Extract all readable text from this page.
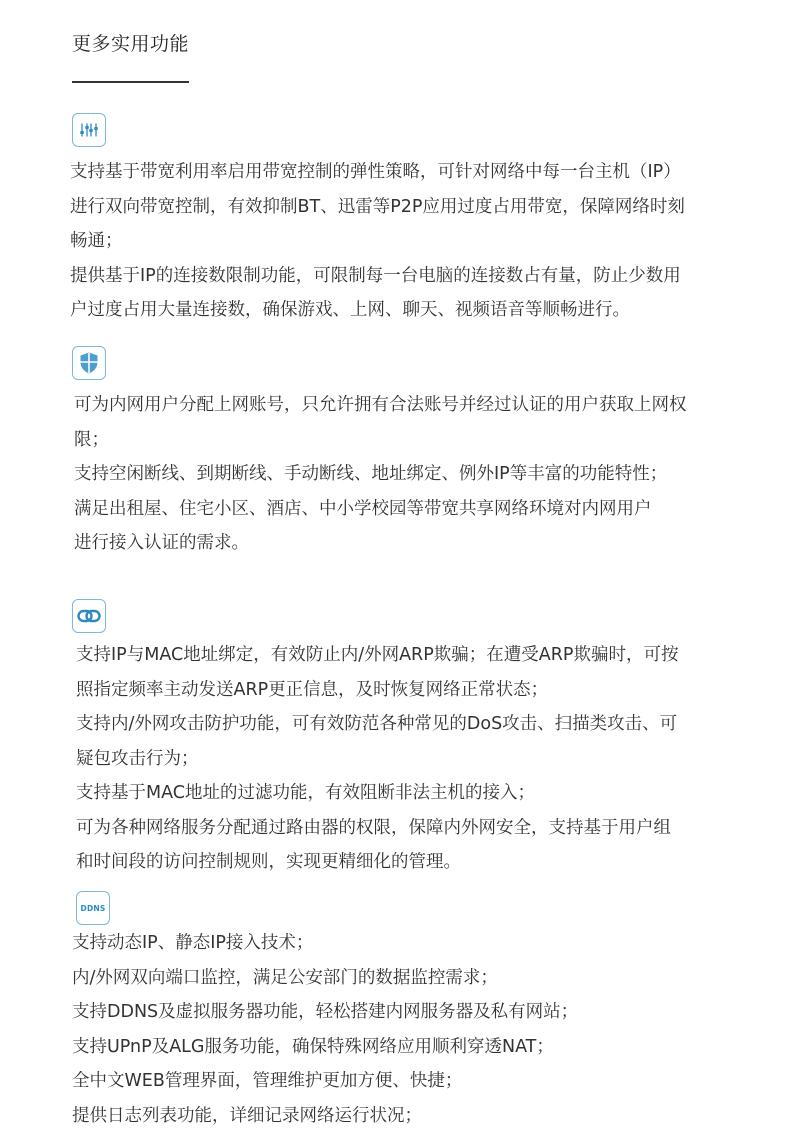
更多实用功能

支持基于带宽利用率启用带宽控制的弹性策略，可针对网络中每一台主机（IP）

进行双向带宽控制，有效抑制BT、迅雷等P2P应用过度占用带宽，保障网络时刻

畅通；

提供基于IP的连接数限制功能，可限制每一台电脑的连接数占有量，防止少数用

户过度占用大量连接数，确保游戏、上网、聊天、视频语音等顺畅进行。

可为内网用户分配上网账号，只允许拥有合法账号并经过认证的用户获取上网权

限；

支持空闲断线、到期断线、手动断线、地址绑定、例外IP等丰富的功能特性；

满足出租屋、住宅小区、酒店、中小学校园等带宽共享网络环境对内网用户

进行接入认证的需求。

支持IP与MAC地址绑定，有效防止内/外网ARP欺骗；在遭受ARP欺骗时，可按

照指定频率主动发送ARP更正信息，及时恢复网络正常状态；

支持内/外网攻击防护功能，可有效防范各种常见的DoS攻击、扫描类攻击、可

疑包攻击行为；

支持基于MAC地址的过滤功能，有效阻断非法主机的接入；

可为各种网络服务分配通过路由器的权限，保障内外网安全，支持基于用户组

和时间段的访问控制规则，实现更精细化的管理。

DDNS

支持动态IP、静态IP接入技术；

内/外网双向端口监控，满足公安部门的数据监控需求；

支持DDNS及虚拟服务器功能，轻松搭建内网服务器及私有网站；

支持UPnP及ALG服务功能，确保特殊网络应用顺利穿透NAT；

全中文WEB管理界面，管理维护更加方便、快捷；

提供日志列表功能，详细记录网络运行状况；
